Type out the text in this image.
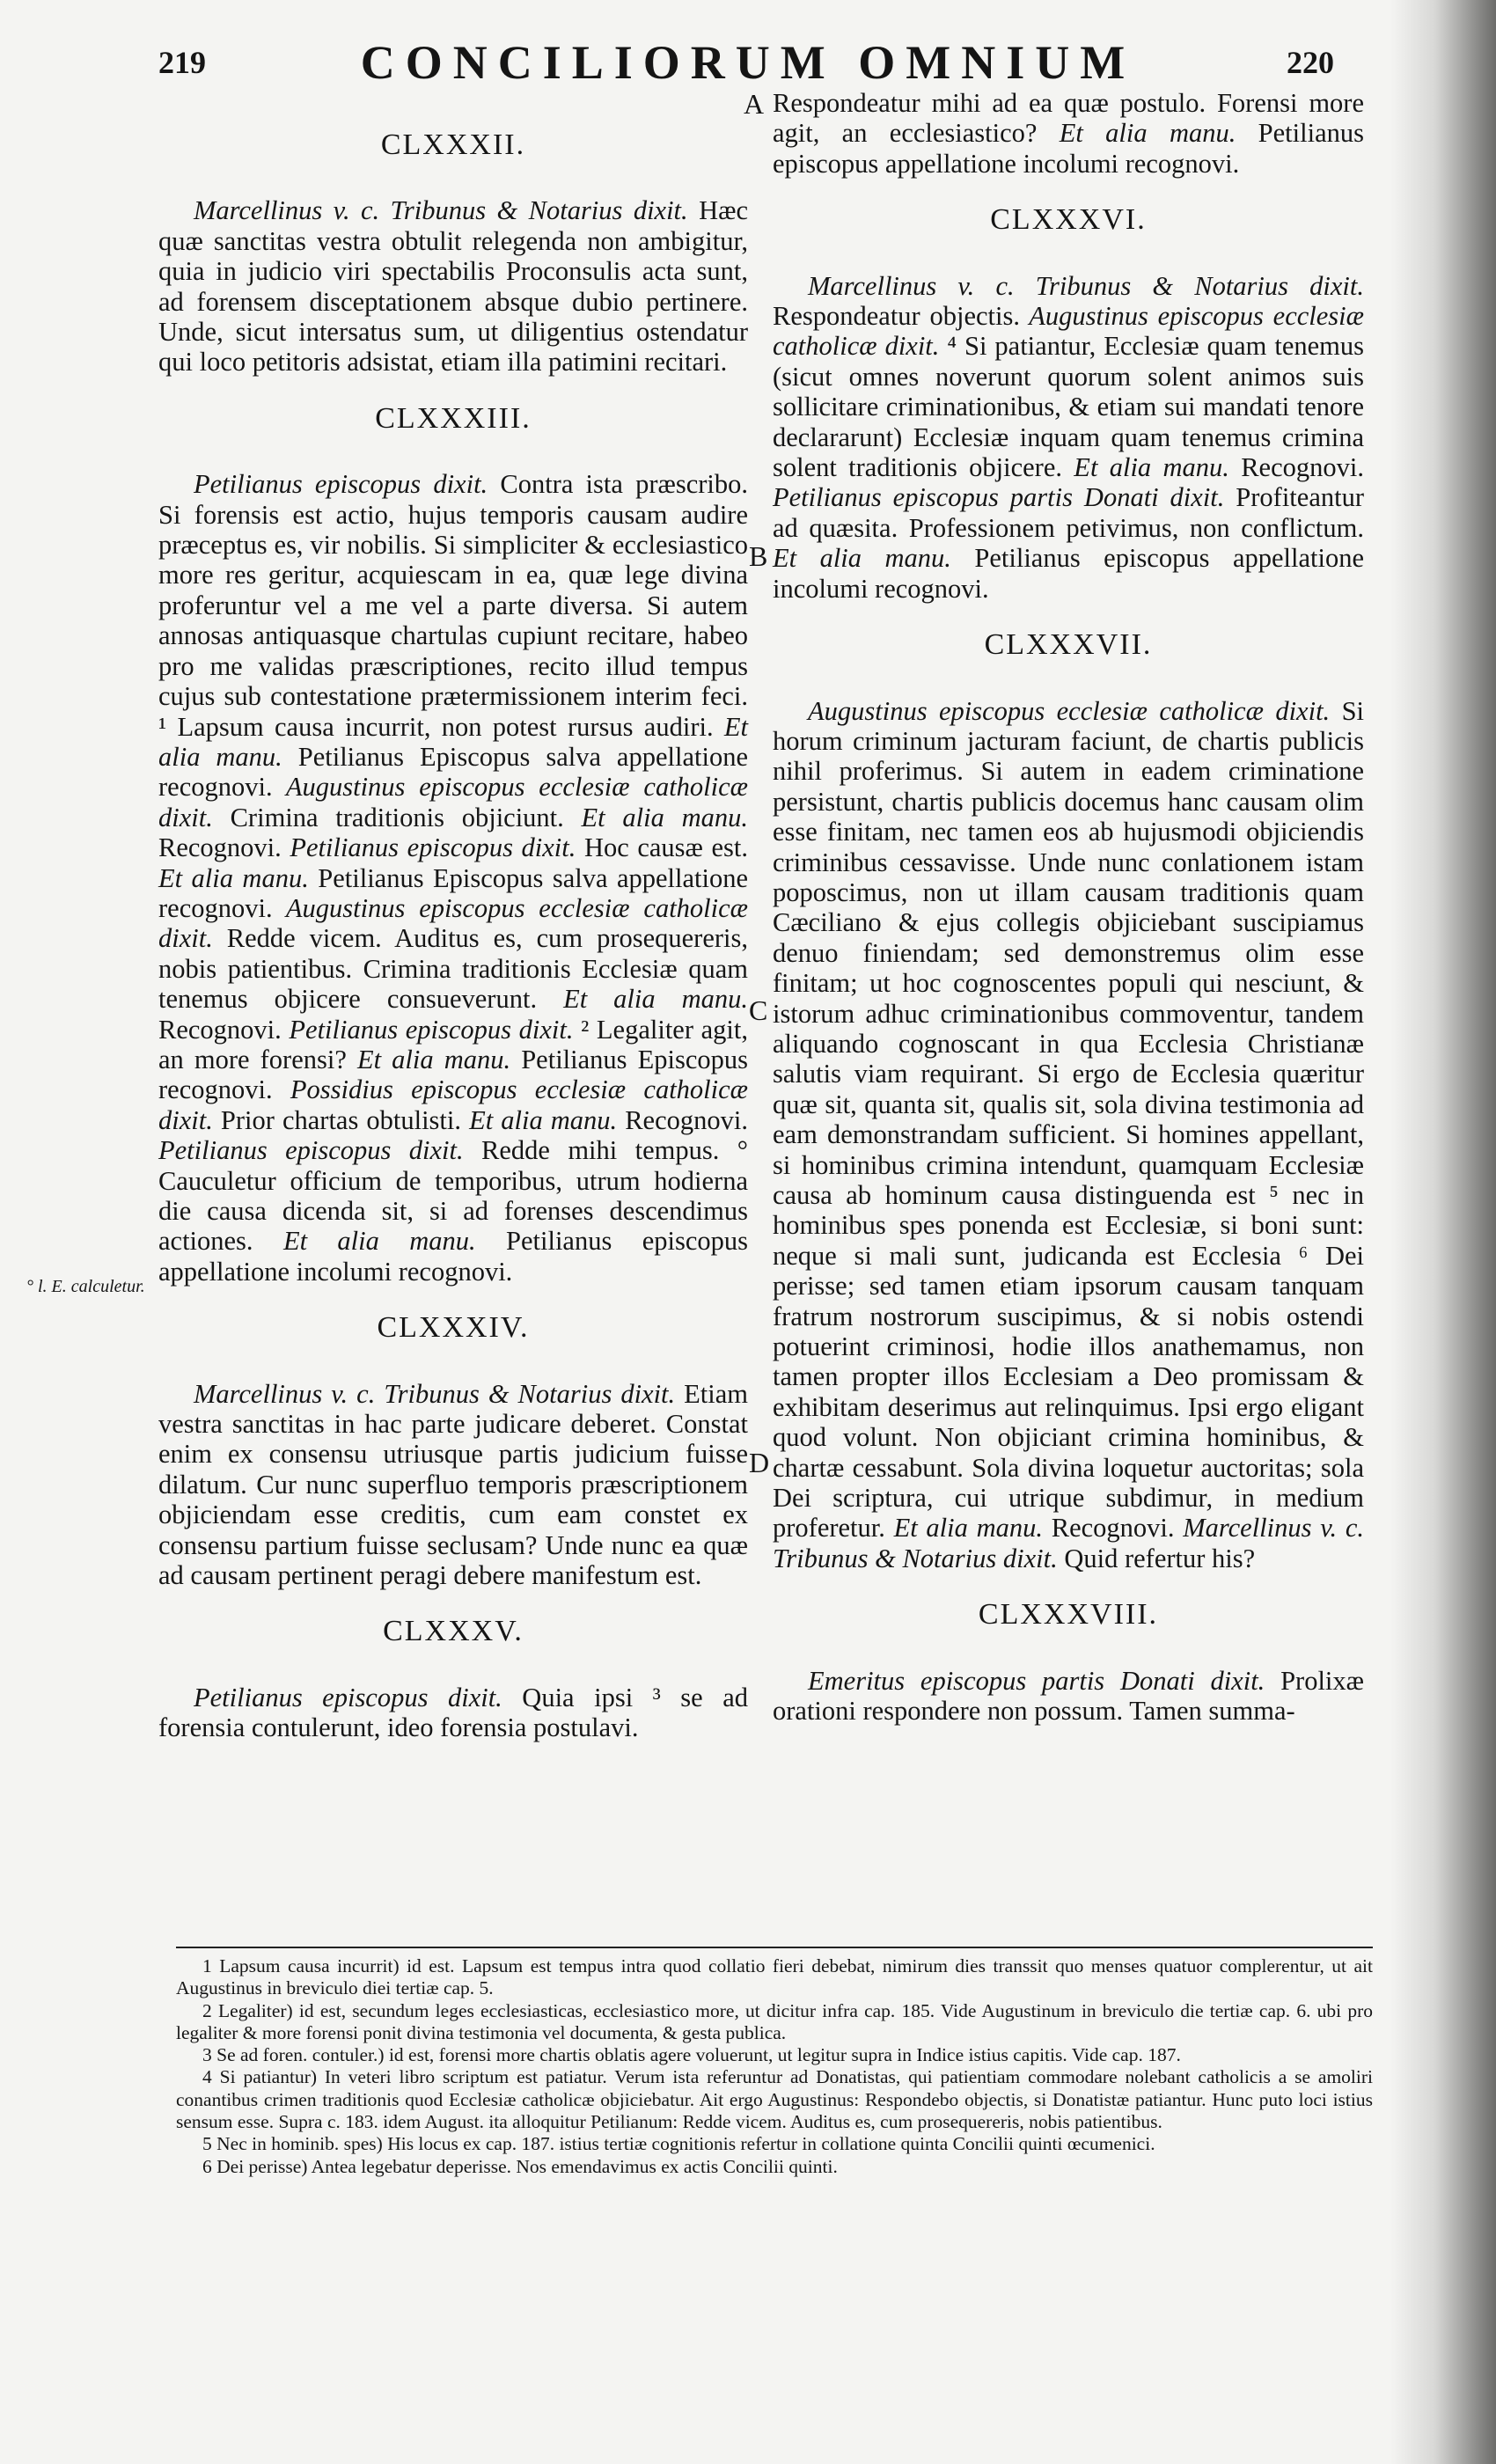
219	CONCILIORUM OMNIUM	220
A
B
C
D
° l. E. calculetur.
CLXXXII.

Marcellinus v. c. Tribunus & Notarius dixit. Hæc quæ sanctitas vestra obtulit relegenda non ambigitur, quia in judicio viri spectabilis Proconsulis acta sunt, ad forensem disceptationem absque dubio pertinere. Unde, sicut intersatus sum, ut diligentius ostendatur qui loco petitoris adsistat, etiam illa patimini recitari.

CLXXXIII.

Petilianus episcopus dixit. Contra ista præscribo. Si forensis est actio, hujus temporis causam audire præceptus es, vir nobilis. Si simpliciter & ecclesiastico more res geritur, acquiescam in ea, quæ lege divina proferuntur vel a me vel a parte diversa. Si autem annosas antiquasque chartulas cupiunt recitare, habeo pro me validas præscriptiones, recito illud tempus cujus sub contestatione prætermissionem interim feci. ¹ Lapsum causa incurrit, non potest rursus audiri. Et alia manu. Petilianus Episcopus salva appellatione recognovi. Augustinus episcopus ecclesiæ catholicæ dixit. Crimina traditionis objiciunt. Et alia manu. Recognovi. Petilianus episcopus dixit. Hoc causæ est. Et alia manu. Petilianus Episcopus salva appellatione recognovi. Augustinus episcopus ecclesiæ catholicæ dixit. Redde vicem. Auditus es, cum prosequereris, nobis patientibus. Crimina traditionis Ecclesiæ quam tenemus objicere consueverunt. Et alia manu. Recognovi. Petilianus episcopus dixit. ² Legaliter agit, an more forensi? Et alia manu. Petilianus Episcopus recognovi. Possidius episcopus ecclesiæ catholicæ dixit. Prior chartas obtulisti. Et alia manu. Recognovi. Petilianus episcopus dixit. Redde mihi tempus. ° Cauculetur officium de temporibus, utrum hodierna die causa dicenda sit, si ad forenses descendimus actiones. Et alia manu. Petilianus episcopus appellatione incolumi recognovi.

CLXXXIV.

Marcellinus v. c. Tribunus & Notarius dixit. Etiam vestra sanctitas in hac parte judicare deberet. Constat enim ex consensu utriusque partis judicium fuisse dilatum. Cur nunc superfluo temporis præscriptionem objiciendam esse creditis, cum eam constet ex consensu partium fuisse seclusam? Unde nunc ea quæ ad causam pertinent peragi debere manifestum est.

CLXXXV.

Petilianus episcopus dixit. Quia ipsi ³ se ad forensia contulerunt, ideo forensia postulavi.

Respondeatur mihi ad ea quæ postulo. Forensi more agit, an ecclesiastico? Et alia manu. Petilianus episcopus appellatione incolumi recognovi.

CLXXXVI.

Marcellinus v. c. Tribunus & Notarius dixit. Respondeatur objectis. Augustinus episcopus ecclesiæ catholicæ dixit. ⁴ Si patiantur, Ecclesiæ quam tenemus (sicut omnes noverunt quorum solent animos suis sollicitare criminationibus, & etiam sui mandati tenore declararunt) Ecclesiæ inquam quam tenemus crimina solent traditionis objicere. Et alia manu. Recognovi. Petilianus episcopus partis Donati dixit. Profiteantur ad quæsita. Professionem petivimus, non conflictum. Et alia manu. Petilianus episcopus appellatione incolumi recognovi.

CLXXXVII.

Augustinus episcopus ecclesiæ catholicæ dixit. Si horum criminum jacturam faciunt, de chartis publicis nihil proferimus. Si autem in eadem criminatione persistunt, chartis publicis docemus hanc causam olim esse finitam, nec tamen eos ab hujusmodi objiciendis criminibus cessavisse. Unde nunc conlationem istam poposcimus, non ut illam causam traditionis quam Cæciliano & ejus collegis objiciebant suscipiamus denuo finiendam; sed demonstremus olim esse finitam; ut hoc cognoscentes populi qui nesciunt, & istorum adhuc criminationibus commoventur, tandem aliquando cognoscant in qua Ecclesia Christianæ salutis viam requirant. Si ergo de Ecclesia quæritur quæ sit, quanta sit, qualis sit, sola divina testimonia ad eam demonstrandam sufficient. Si homines appellant, si hominibus crimina intendunt, quamquam Ecclesiæ causa ab hominum causa distinguenda est ⁵ nec in hominibus spes ponenda est Ecclesiæ, si boni sunt: neque si mali sunt, judicanda est Ecclesia ⁶ Dei perisse; sed tamen etiam ipsorum causam tanquam fratrum nostrorum suscipimus, & si nobis ostendi potuerint criminosi, hodie illos anathemamus, non tamen propter illos Ecclesiam a Deo promissam & exhibitam deserimus aut relinquimus. Ipsi ergo eligant quod volunt. Non objiciant crimina hominibus, & chartæ cessabunt. Sola divina loquetur auctoritas; sola Dei scriptura, cui utrique subdimur, in medium proferetur. Et alia manu. Recognovi. Marcellinus v. c. Tribunus & Notarius dixit. Quid refertur his?

CLXXXVIII.

Emeritus episcopus partis Donati dixit. Prolixæ orationi respondere non possum. Tamen summa-

1 Lapsum causa incurrit) id est. Lapsum est tempus intra quod collatio fieri debebat, nimirum dies transsit quo menses quatuor complerentur, ut ait Augustinus in breviculo diei tertiæ cap. 5.

2 Legaliter) id est, secundum leges ecclesiasticas, ecclesiastico more, ut dicitur infra cap. 185. Vide Augustinum in breviculo die tertiæ cap. 6. ubi pro legaliter & more forensi ponit divina testimonia vel documenta, & gesta publica.

3 Se ad foren. contuler.) id est, forensi more chartis oblatis agere voluerunt, ut legitur supra in Indice istius capitis. Vide cap. 187.

4 Si patiantur) In veteri libro scriptum est patiatur. Verum ista referuntur ad Donatistas, qui patientiam commodare nolebant catholicis a se amoliri conantibus crimen traditionis quod Ecclesiæ catholicæ objiciebatur. Ait ergo Augustinus: Respondebo objectis, si Donatistæ patiantur. Hunc puto loci istius sensum esse. Supra c. 183. idem August. ita alloquitur Petilianum: Redde vicem. Auditus es, cum prosequereris, nobis patientibus.

5 Nec in hominib. spes) His locus ex cap. 187. istius tertiæ cognitionis refertur in collatione quinta Concilii quinti œcumenici.

6 Dei perisse) Antea legebatur deperisse. Nos emendavimus ex actis Concilii quinti.
